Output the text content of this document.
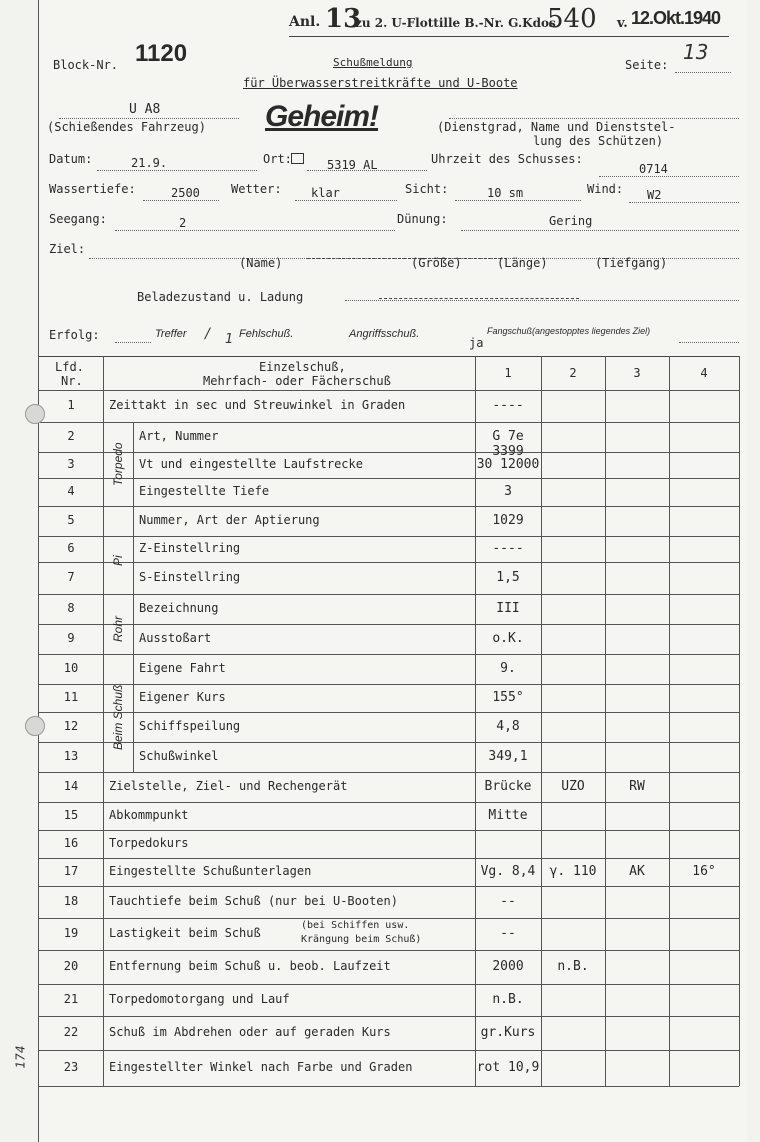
Anl. 13
zu 2. U-Flottille B.-Nr. G.Kdos
540 v. 12.Okt.1940
Block-Nr. 1120	Seite:
13
Schußmeldung
für Überwasserstreitkräfte und U-Boote
U A8
(Schießendes Fahrzeug) Geheim!	(Dienstgrad, Name und Dienststel-
lung des Schützen)
Datum:	21.9.	Ort:	5319 AL	Uhrzeit des Schusses:
0714
Wassertiefe:	2500	Wetter: klar	Sicht:	10 sm	Wind: W2
Seegang:	2	Dünung:	Gering
Ziel:
(Name)	(Größe)	(Länge)	(Tiefgang)
Beladezustand u. Ladung
Erfolg:	Treffer / 1 Fehlschuß.	Angriffsschuß.
ja
Fangschuß(angestopptes liegendes Ziel)
Lfd.
Nr.
Einzelschuß,
Mehrfach- oder Fächerschuß
1	2	3	4
Torpedo
Pi
Rohr
Beim Schuß
1	Zeittakt in sec und Streuwinkel in Graden	----
2	Art, Nummer	G 7e 3399
3	Vt und eingestellte Laufstrecke	30 12000
4	Eingestellte Tiefe	3
5	Nummer, Art der Aptierung	1029
6	Z-Einstellring	----
7	S-Einstellring	1,5
8	Bezeichnung	III
9	Ausstoßart	o.K.
10	Eigene Fahrt	9.
11	Eigener Kurs	155°
12	Schiffspeilung	4,8
13	Schußwinkel	349,1
14	Zielstelle, Ziel- und Rechengerät	Brücke	UZO	RW
15	Abkommpunkt	Mitte
16	Torpedokurs
17	Eingestellte Schußunterlagen	Vg. 8,4	γ. 110	AK	16°
18	Tauchtiefe beim Schuß (nur bei U-Booten)	--
19	Lastigkeit beim Schuß
(bei Schiffen usw.
Krängung beim Schuß)	--
20	Entfernung beim Schuß u. beob. Laufzeit	2000	n.B.
21	Torpedomotorgang und Lauf	n.B.
22	Schuß im Abdrehen oder auf geraden Kurs	gr.Kurs
23	Eingestellter Winkel nach Farbe und Graden	rot 10,9
174
